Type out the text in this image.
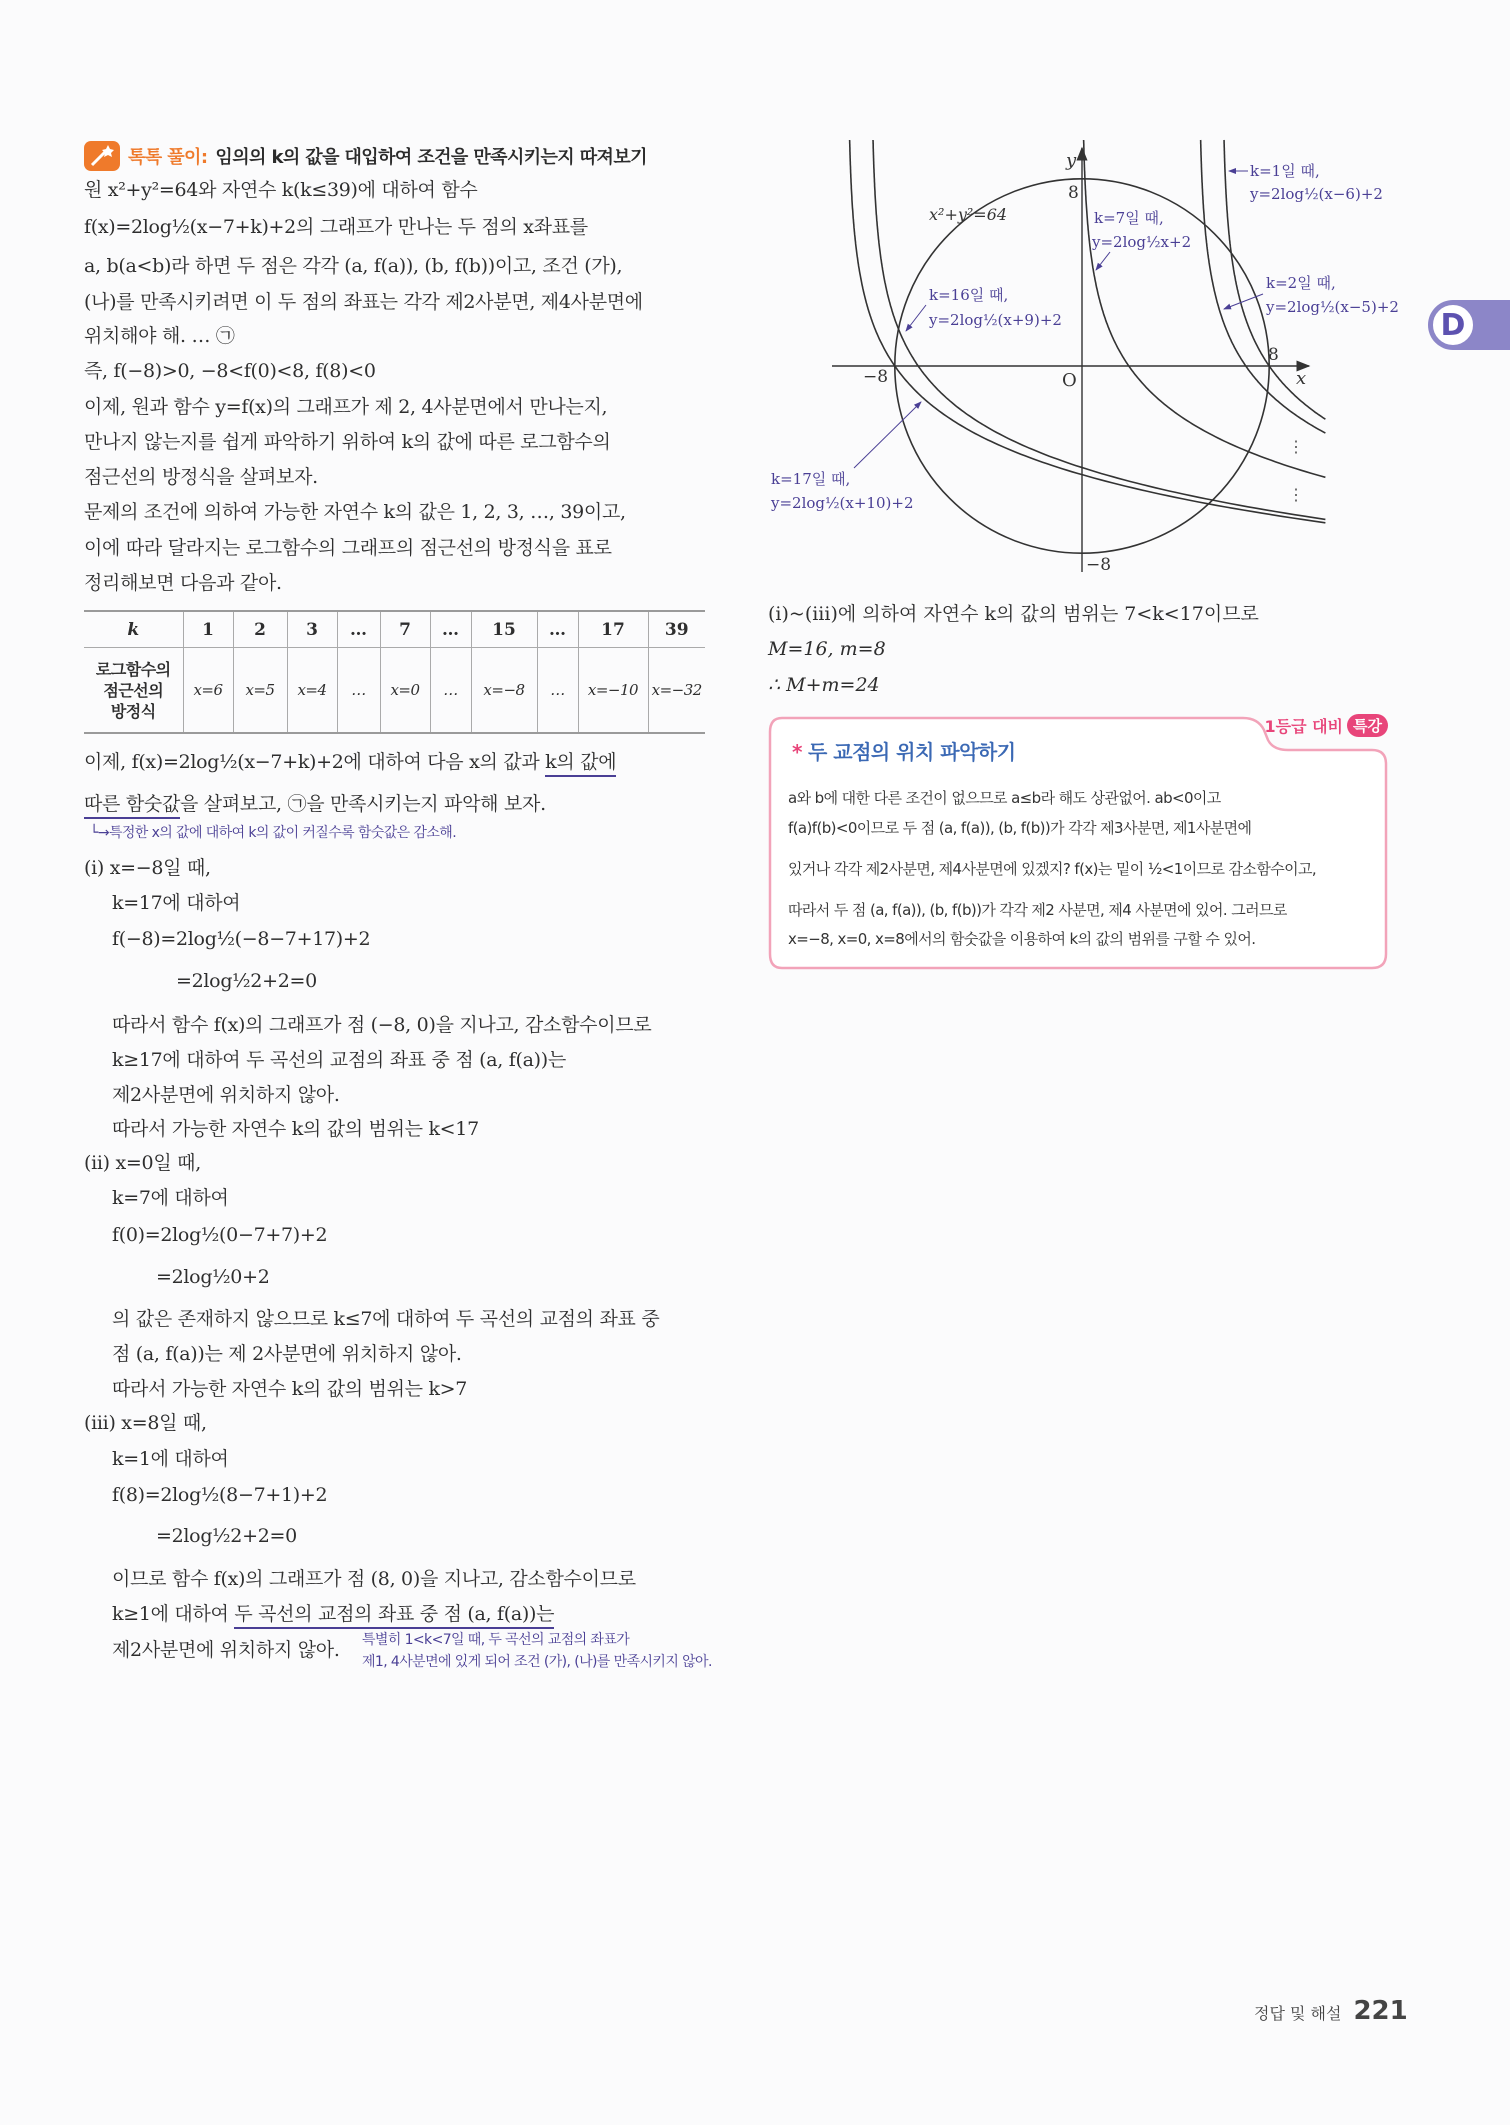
톡톡 풀이: 임의의 k의 값을 대입하여 조건을 만족시키는지 따져보기
원 x²+y²=64와 자연수 k(k≤39)에 대하여 함수
f(x)=2log½(x−7+k)+2의 그래프가 만나는 두 점의 x좌표를
a, b(a<b)라 하면 두 점은 각각 (a, f(a)), (b, f(b))이고, 조건 (가),
(나)를 만족시키려면 이 두 점의 좌표는 각각 제2사분면, 제4사분면에
위치해야 해. … ㉠
즉, f(−8)>0, −8<f(0)<8, f(8)<0
이제, 원과 함수 y=f(x)의 그래프가 제 2, 4사분면에서 만나는지,
만나지 않는지를 쉽게 파악하기 위하여 k의 값에 따른 로그함수의
점근선의 방정식을 살펴보자.
문제의 조건에 의하여 가능한 자연수 k의 값은 1, 2, 3, …, 39이고,
이에 따라 달라지는 로그함수의 그래프의 점근선의 방정식을 표로
정리해보면 다음과 같아.
k	1	2	3	…	7	…	15	…	17	39

로그함수의
점근선의
방정식	x=6	x=5	x=4	…	x=0	…	x=−8	…	x=−10	x=−32
이제, f(x)=2log½(x−7+k)+2에 대하여 다음 x의 값과 k의 값에
따른 함숫값을 살펴보고, ㉠을 만족시키는지 파악해 보자.
└→특정한 x의 값에 대하여 k의 값이 커질수록 함숫값은 감소해.
(i) x=−8일 때,
k=17에 대하여
f(−8)=2log½(−8−7+17)+2
=2log½2+2=0
따라서 함수 f(x)의 그래프가 점 (−8, 0)을 지나고, 감소함수이므로
k≥17에 대하여 두 곡선의 교점의 좌표 중 점 (a, f(a))는
제2사분면에 위치하지 않아.
따라서 가능한 자연수 k의 값의 범위는 k<17
(ii) x=0일 때,
k=7에 대하여
f(0)=2log½(0−7+7)+2
=2log½0+2
의 값은 존재하지 않으므로 k≤7에 대하여 두 곡선의 교점의 좌표 중
점 (a, f(a))는 제 2사분면에 위치하지 않아.
따라서 가능한 자연수 k의 값의 범위는 k>7
(iii) x=8일 때,
k=1에 대하여
f(8)=2log½(8−7+1)+2
=2log½2+2=0
이므로 함수 f(x)의 그래프가 점 (8, 0)을 지나고, 감소함수이므로
k≥1에 대하여 두 곡선의 교점의 좌표 중 점 (a, f(a))는
제2사분면에 위치하지 않아.	특별히 1<k<7일 때, 두 곡선의 교점의 좌표가
제1, 4사분면에 있게 되어 조건 (가), (나)를 만족시키지 않아.
y
x
O
8
−8
−8
8
x²+y²=64
⋮
⋮
k=1일 때,
y=2log½(x−6)+2
k=2일 때,
y=2log½(x−5)+2
k=7일 때,
y=2log½x+2
k=16일 때,
y=2log½(x+9)+2
k=17일 때,
y=2log½(x+10)+2
(i)~(iii)에 의하여 자연수 k의 값의 범위는 7<k<17이므로
M=16, m=8
∴ M+m=24
1등급 대비 특강
* 두 교점의 위치 파악하기
a와 b에 대한 다른 조건이 없으므로 a≤b라 해도 상관없어. ab<0이고
f(a)f(b)<0이므로 두 점 (a, f(a)), (b, f(b))가 각각 제3사분면, 제1사분면에
있거나 각각 제2사분면, 제4사분면에 있겠지? f(x)는 밑이 ½<1이므로 감소함수이고,
따라서 두 점 (a, f(a)), (b, f(b))가 각각 제2 사분면, 제4 사분면에 있어. 그러므로
x=−8, x=0, x=8에서의 함숫값을 이용하여 k의 값의 범위를 구할 수 있어.
D
정답 및 해설 221
